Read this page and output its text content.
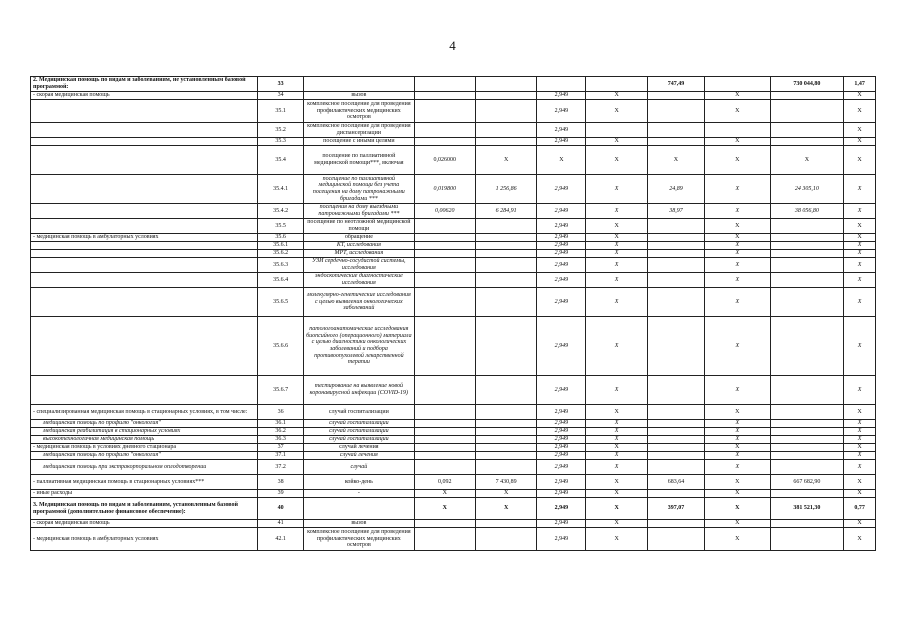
4
2. Медицинская помощь по видам и заболеваниям, не установленным базовой программой:	33						747,49		730 044,80	1,47
- скорая медицинская помощь	34	вызов			2,949	X		X		X
	35.1	комплексное посещение для проведения профилактических медицинских осмотров			2,949	X		X		X
	35.2	комплексное посещение для проведения диспансеризации			2,949					X
	35.3	посещение с иными целями			2,949	X		X		X
	35.4	посещение по паллиативной медицинской помощи***, включая	0,026000	X	X	X	X	X	X	X
	35.4.1	посещение по паллиативной медицинской помощи без учета посещения на дому патронажными бригадами ***	0,019800	1 256,86	2,949	X	24,89	X	24 305,10	X
	35.4.2	посещения на дому выездными патронажными бригадами ***	0,00620	6 284,91	2,949	X	38,97	X	38 056,80	X
	35.5	посещение по неотложной медицинской помощи			2,949	X		X		X
- медицинская помощь в амбулаторных условиях	35.6	обращение			2,949	X		X		X
	35.6.1	КТ, исследования			2,949	X		X		X
	35.6.2	МРТ, исследования			2,949	X		X		X
	35.6.3	УЗИ сердечно-сосудистой системы, исследования			2,949	X		X		X
	35.6.4	эндоскопические диагностические исследования			2,949	X		X		X
	35.6.5	молекулярно-генетические исследования с целью выявления онкологических заболеваний			2,949	X		X		X
	35.6.6	патологоанатомические исследования биопсийного (операционного) материала с целью диагностики онкологических заболеваний и подбора противоопухолевой лекарственной терапии			2,949	X		X		X
	35.6.7	тестирование на выявление новой коронавирусной инфекции (COVID-19)			2,949	X		X		X
- специализированная медицинская помощь в стационарных условиях, в том числе:	36	случай госпитализации			2,949	X		X		X
медицинская помощь по профилю "онкология"	36.1	случай госпитализации			2,949	X		X		X
медицинская реабилитация в стационарных условиях	36.2	случай госпитализации			2,949	X		X		X
высокотехнологичная медицинская помощь	36.3	случай госпитализации			2,949	X		X		X
- медицинская помощь в условиях дневного стационара	37	случай лечения			2,949	X		X		X
медицинская помощь по профилю "онкология"	37.1	случай лечения			2,949	X		X		X
медицинская помощь при экстракорпоральном оплодотворении	37.2	случай			2,949	X		X		X
- паллиативная медицинская помощь в стационарных условиях***	38	койко-день	0,092	7 430,89	2,949	X	683,64	X	667 682,90	X
- иные расходы	39	-	X	X	2,949	X		X		X
3. Медицинская помощь по видам и заболеваниям, установленным базовой программой (дополнительное финансовое обеспечение):	40		X	X	2,949	X	397,07	X	381 521,30	0,77
- скорая медицинская помощь	41	вызов			2,949	X		X		X
- медицинская помощь в амбулаторных условиях	42.1	комплексное посещение для проведения профилактических медицинских осмотров			2,949	X		X		X
